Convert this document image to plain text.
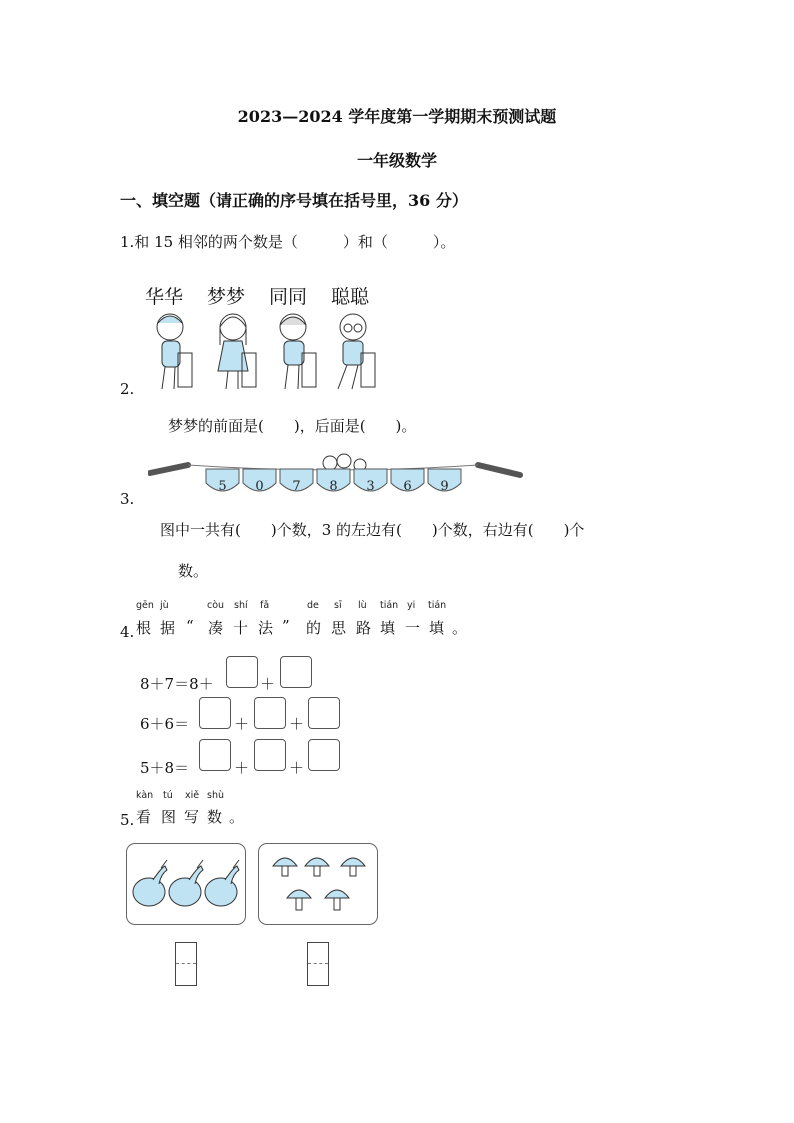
2023—2024 学年度第一学期期末预测试题
一年级数学
一、填空题（请正确的序号填在括号里，36 分）
1.和 15 相邻的两个数是（　　　）和（　　　）。
华华 梦梦 同同 聪聪
2.
梦梦的前面是(　　)，后面是(　　)。
5 0 7 8 3 6 9
3.
图中一共有(　　)个数，3 的左边有(　　)个数，右边有(　　)个
数。
gēn jù	còu shí fǎ	de sī lù tián yi tián
4. 根 据 “ 凑 十 法 ” 的 思 路 填 一 填 。
8＋7＝8＋	＋
6＋6＝	＋	＋
5＋8＝	＋	＋
kàn tú xiě shù
5. 看 图 写 数 。
